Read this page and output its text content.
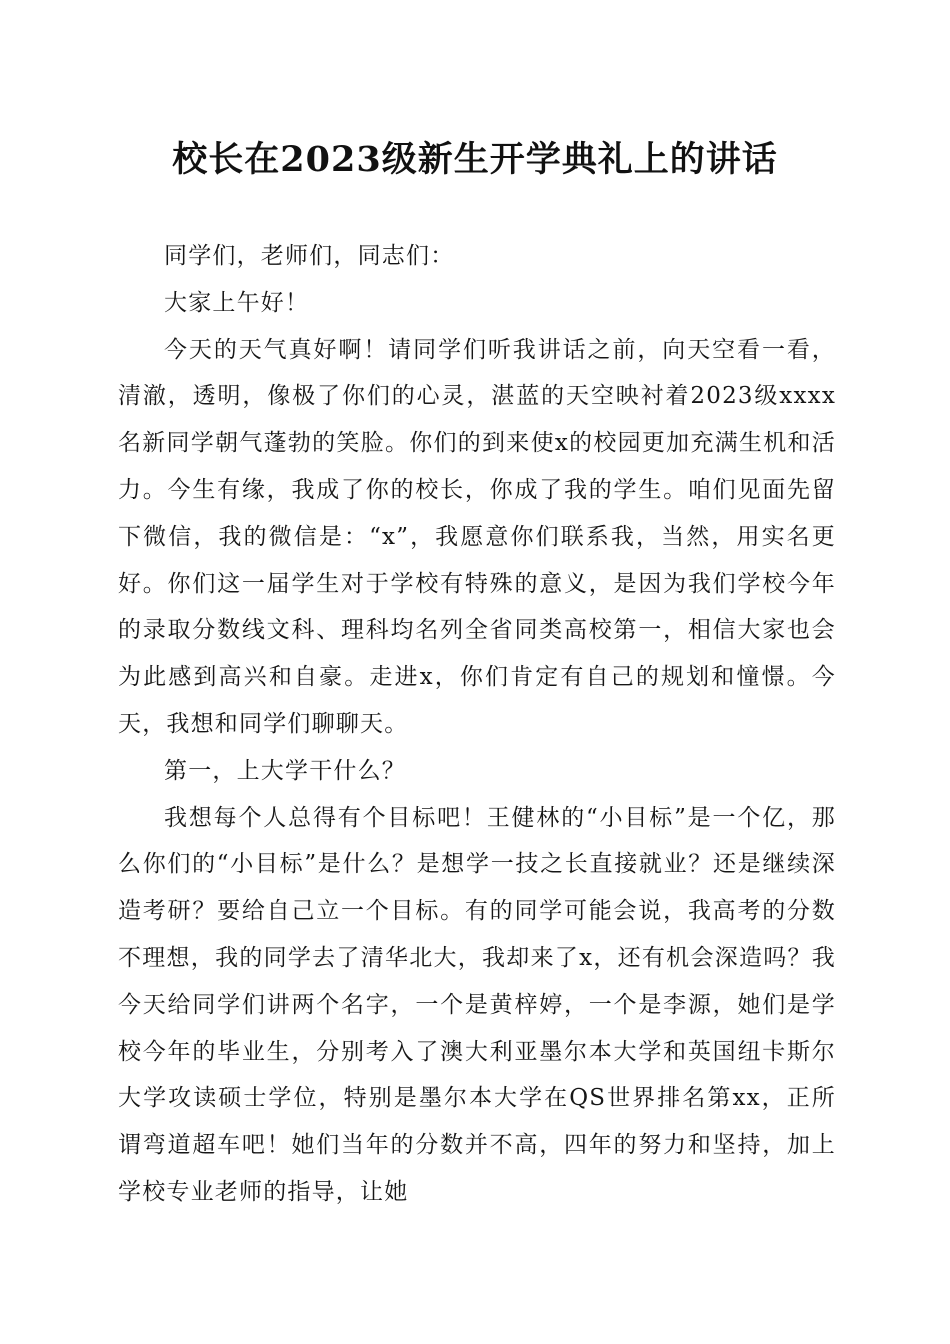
校长在2023级新生开学典礼上的讲话

同学们，老师们，同志们：

大家上午好！

今天的天气真好啊！请同学们听我讲话之前，向天空看一看，清澈，透明，像极了你们的心灵，湛蓝的天空映衬着2023级xxxx名新同学朝气蓬勃的笑脸。你们的到来使x的校园更加充满生机和活力。今生有缘，我成了你的校长，你成了我的学生。咱们见面先留下微信，我的微信是：“x”，我愿意你们联系我，当然，用实名更好。你们这一届学生对于学校有特殊的意义，是因为我们学校今年的录取分数线文科、理科均名列全省同类高校第一，相信大家也会为此感到高兴和自豪。走进x，你们肯定有自己的规划和憧憬。今天，我想和同学们聊聊天。

第一，上大学干什么？

我想每个人总得有个目标吧！王健林的“小目标”是一个亿，那么你们的“小目标”是什么？是想学一技之长直接就业？还是继续深造考研？要给自己立一个目标。有的同学可能会说，我高考的分数不理想，我的同学去了清华北大，我却来了x，还有机会深造吗？我今天给同学们讲两个名字，一个是黄梓婷，一个是李源，她们是学校今年的毕业生，分别考入了澳大利亚墨尔本大学和英国纽卡斯尔大学攻读硕士学位，特别是墨尔本大学在QS世界排名第xx，正所谓弯道超车吧！她们当年的分数并不高，四年的努力和坚持，加上学校专业老师的指导，让她
